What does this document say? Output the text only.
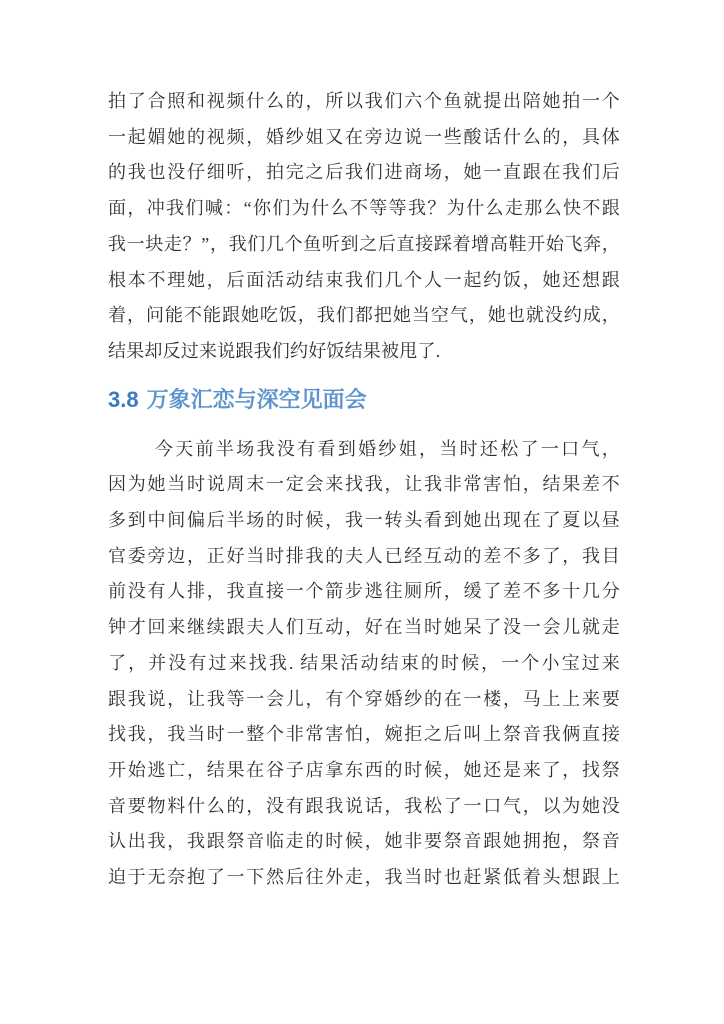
拍了合照和视频什么的，所以我们六个鱼就提出陪她拍一个
一起媚她的视频，婚纱姐又在旁边说一些酸话什么的，具体
的我也没仔细听，拍完之后我们进商场，她一直跟在我们后
面，冲我们喊：“你们为什么不等等我？为什么走那么快不跟
我一块走？”，我们几个鱼听到之后直接踩着增高鞋开始飞奔，
根本不理她，后面活动结束我们几个人一起约饭，她还想跟
着，问能不能跟她吃饭，我们都把她当空气，她也就没约成，
结果却反过来说跟我们约好饭结果被甩了.
3.8 万象汇恋与深空见面会
今天前半场我没有看到婚纱姐，当时还松了一口气，
因为她当时说周末一定会来找我，让我非常害怕，结果差不
多到中间偏后半场的时候，我一转头看到她出现在了夏以昼
官委旁边，正好当时排我的夫人已经互动的差不多了，我目
前没有人排，我直接一个箭步逃往厕所，缓了差不多十几分
钟才回来继续跟夫人们互动，好在当时她呆了没一会儿就走
了，并没有过来找我. 结果活动结束的时候，一个小宝过来
跟我说，让我等一会儿，有个穿婚纱的在一楼，马上上来要
找我，我当时一整个非常害怕，婉拒之后叫上祭音我俩直接
开始逃亡，结果在谷子店拿东西的时候，她还是来了，找祭
音要物料什么的，没有跟我说话，我松了一口气，以为她没
认出我，我跟祭音临走的时候，她非要祭音跟她拥抱，祭音
迫于无奈抱了一下然后往外走，我当时也赶紧低着头想跟上
